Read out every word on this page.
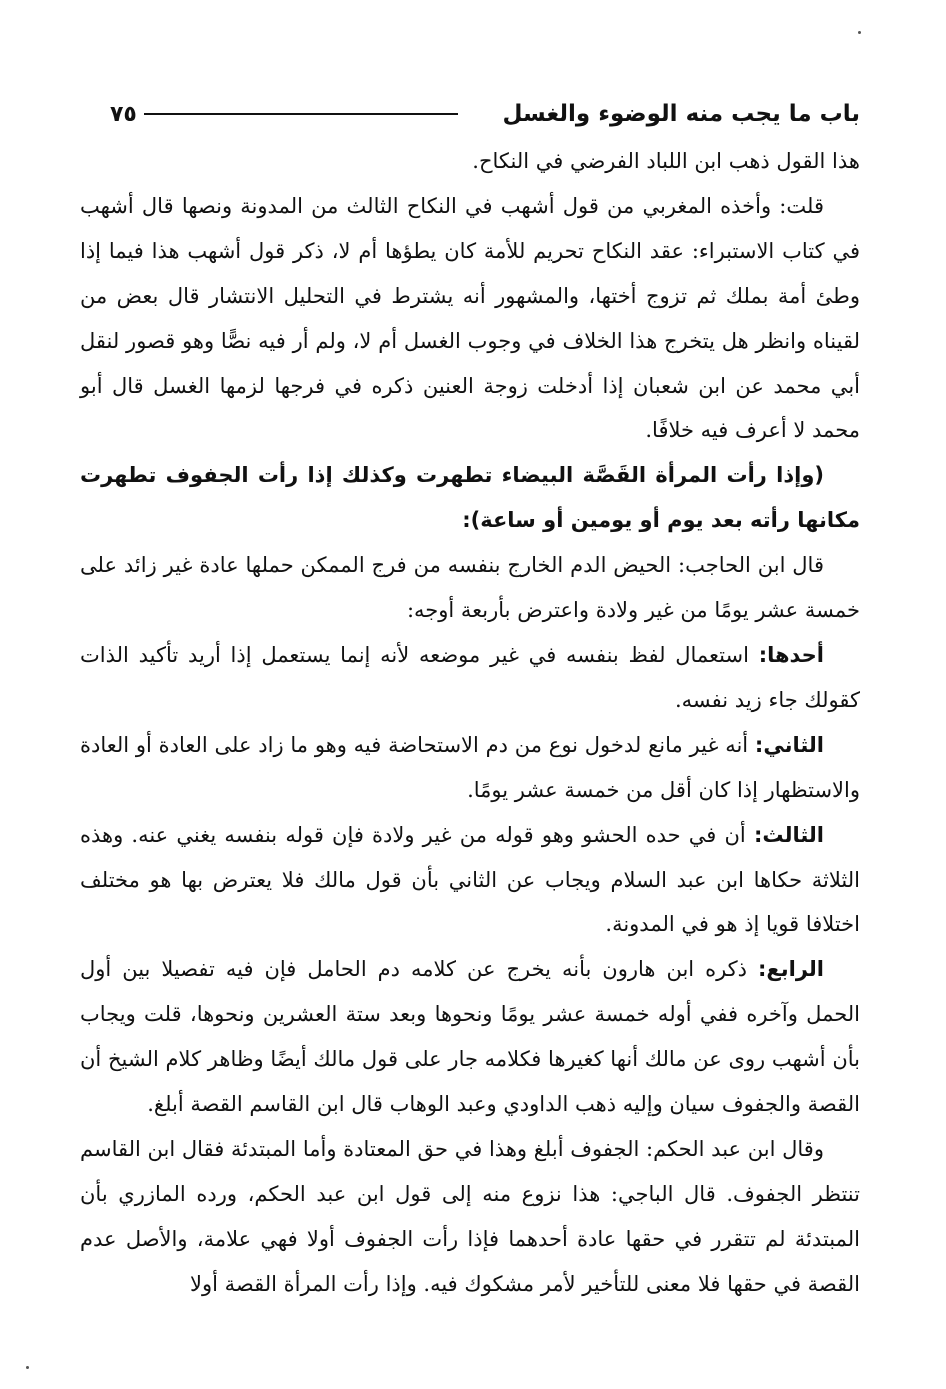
باب ما يجب منه الوضوء والغسل
٧٥

هذا القول ذهب ابن اللباد الفرضي في النكاح.

قلت: وأخذه المغربي من قول أشهب في النكاح الثالث من المدونة ونصها قال أشهب في كتاب الاستبراء: عقد النكاح تحريم للأمة كان يطؤها أم لا، ذكر قول أشهب هذا فيما إذا وطئ أمة بملك ثم تزوج أختها، والمشهور أنه يشترط في التحليل الانتشار قال بعض من لقيناه وانظر هل يتخرج هذا الخلاف في وجوب الغسل أم لا، ولم أر فيه نصًّا وهو قصور لنقل أبي محمد عن ابن شعبان إذا أدخلت زوجة العنين ذكره في فرجها لزمها الغسل قال أبو محمد لا أعرف فيه خلافًا.

(وإذا رأت المرأة القَصَّة البيضاء تطهرت وكذلك إذا رأت الجفوف تطهرت مكانها رأته بعد يوم أو يومين أو ساعة):

قال ابن الحاجب: الحيض الدم الخارج بنفسه من فرج الممكن حملها عادة غير زائد على خمسة عشر يومًا من غير ولادة واعترض بأربعة أوجه:

أحدها: استعمال لفظ بنفسه في غير موضعه لأنه إنما يستعمل إذا أريد تأكيد الذات كقولك جاء زيد نفسه.

الثاني: أنه غير مانع لدخول نوع من دم الاستحاضة فيه وهو ما زاد على العادة أو العادة والاستظهار إذا كان أقل من خمسة عشر يومًا.

الثالث: أن في حده الحشو وهو قوله من غير ولادة فإن قوله بنفسه يغني عنه. وهذه الثلاثة حكاها ابن عبد السلام ويجاب عن الثاني بأن قول مالك فلا يعترض بها هو مختلف اختلافا قويا إذ هو في المدونة.

الرابع: ذكره ابن هارون بأنه يخرج عن كلامه دم الحامل فإن فيه تفصيلا بين أول الحمل وآخره ففي أوله خمسة عشر يومًا ونحوها وبعد ستة العشرين ونحوها، قلت ويجاب بأن أشهب روى عن مالك أنها كغيرها فكلامه جار على قول مالك أيضًا وظاهر كلام الشيخ أن القصة والجفوف سيان وإليه ذهب الداودي وعبد الوهاب قال ابن القاسم القصة أبلغ.

وقال ابن عبد الحكم: الجفوف أبلغ وهذا في حق المعتادة وأما المبتدئة فقال ابن القاسم تنتظر الجفوف. قال الباجي: هذا نزوع منه إلى قول ابن عبد الحكم، ورده المازري بأن المبتدئة لم تتقرر في حقها عادة أحدهما فإذا رأت الجفوف أولا فهي علامة، والأصل عدم القصة في حقها فلا معنى للتأخير لأمر مشكوك فيه. وإذا رأت المرأة القصة أولا
